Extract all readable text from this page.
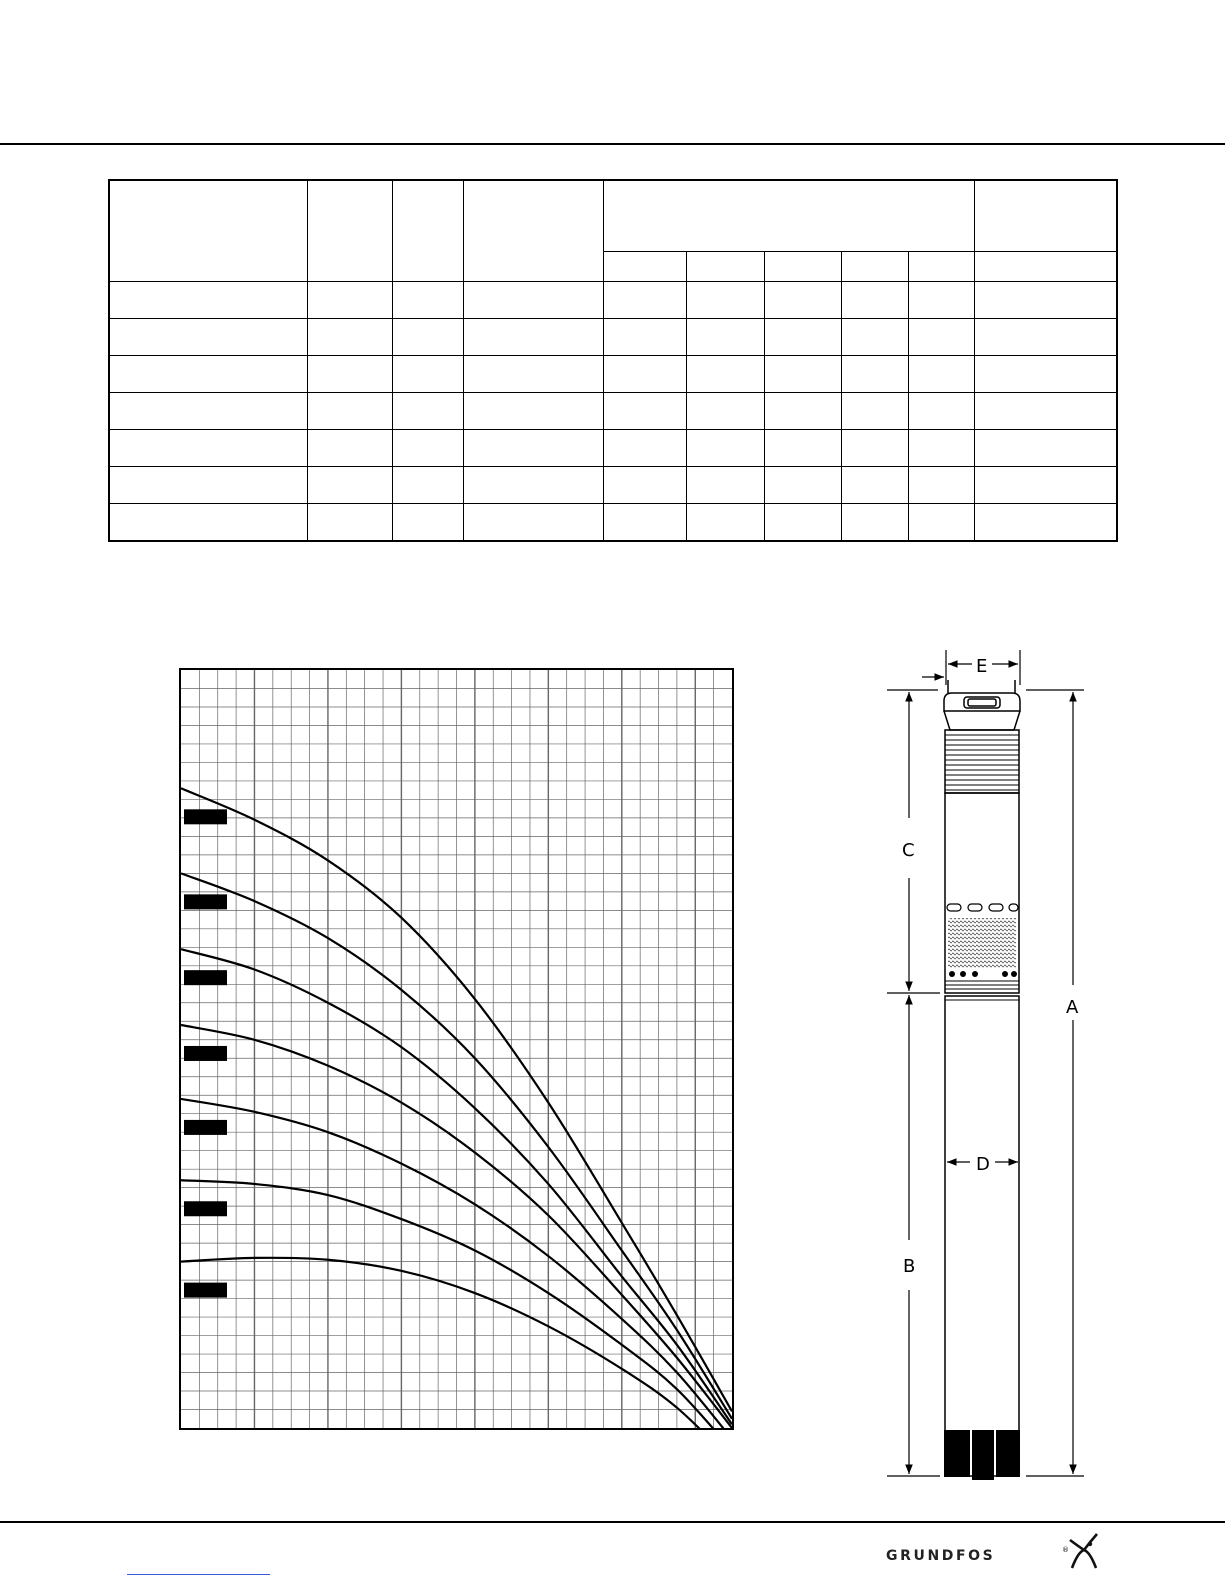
A
B
C
D
E
GRUNDFOS	®
